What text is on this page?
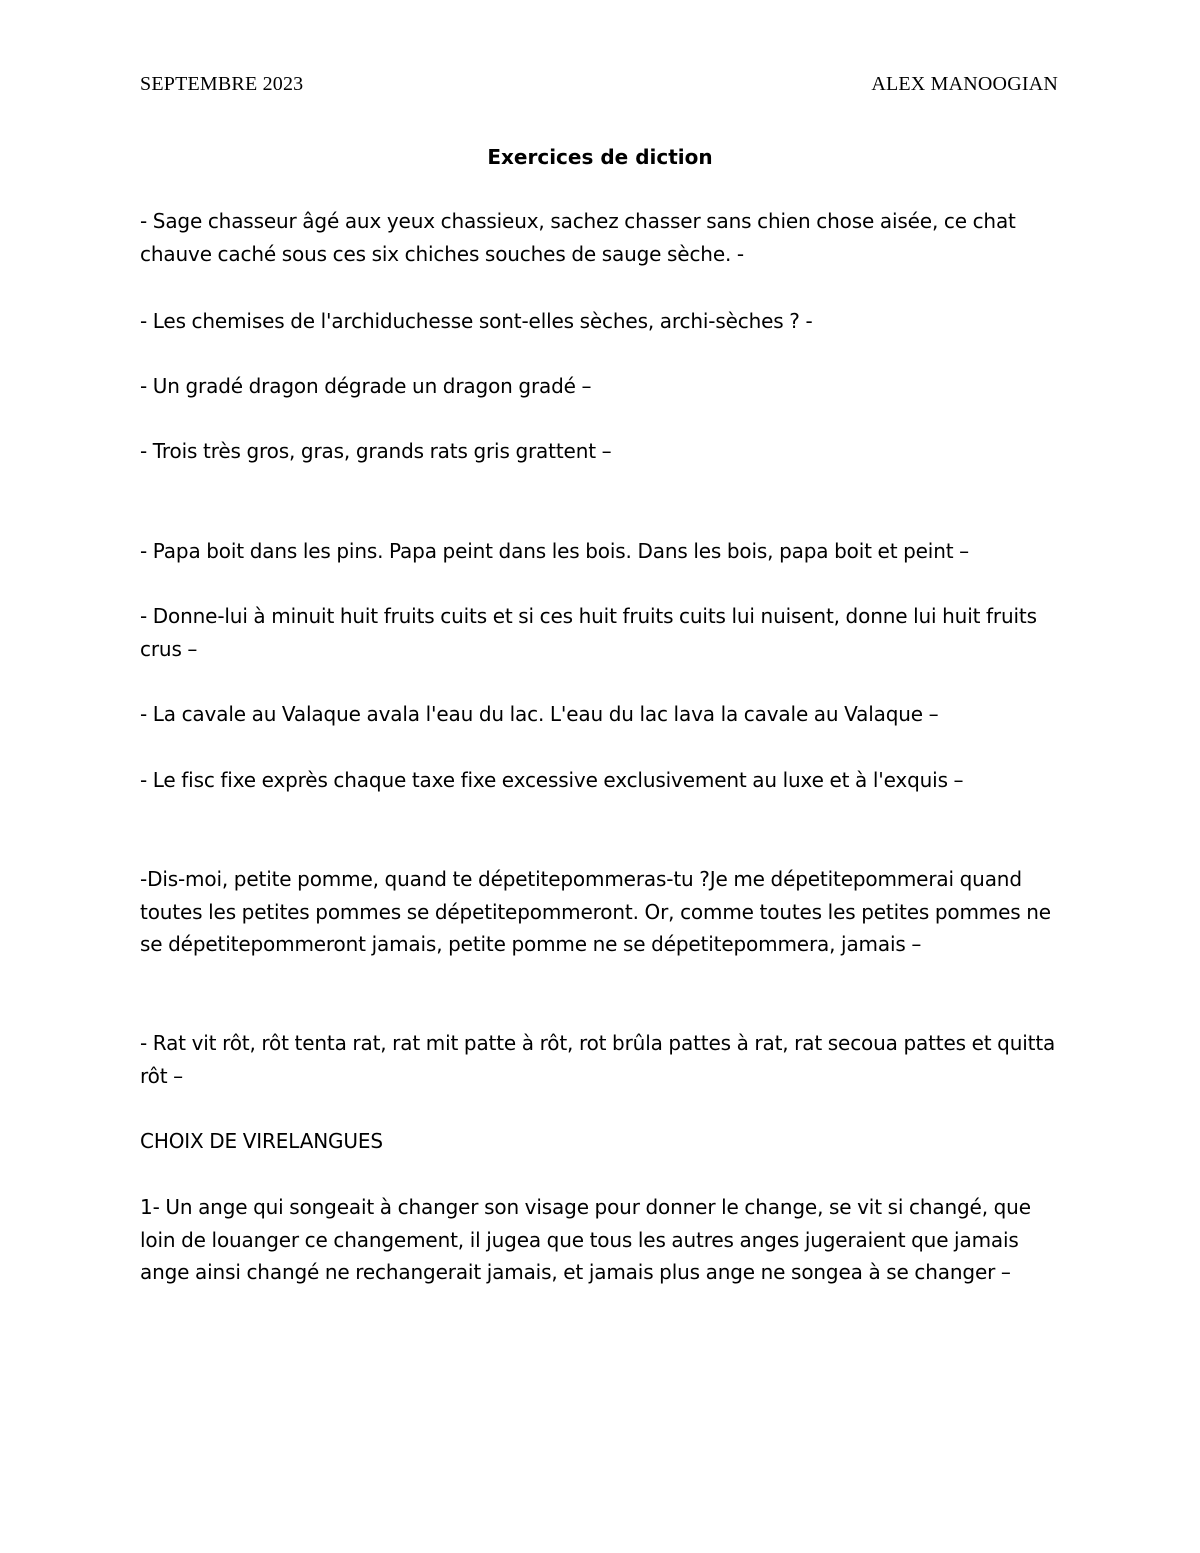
SEPTEMBRE 2023	ALEX MANOOGIAN
Exercices de diction

- Sage chasseur âgé aux yeux chassieux, sachez chasser sans chien chose aisée, ce chat chauve caché sous ces six chiches souches de sauge sèche. -

- Les chemises de l'archiduchesse sont-elles sèches, archi-sèches ? -

- Un gradé dragon dégrade un dragon gradé –

- Trois très gros, gras, grands rats gris grattent –

- Papa boit dans les pins. Papa peint dans les bois. Dans les bois, papa boit et peint –

- Donne-lui à minuit huit fruits cuits et si ces huit fruits cuits lui nuisent, donne lui huit fruits crus –

- La cavale au Valaque avala l'eau du lac. L'eau du lac lava la cavale au Valaque –

- Le fisc fixe exprès chaque taxe fixe excessive exclusivement au luxe et à l'exquis –

-Dis-moi, petite pomme, quand te dépetitepommeras-tu ?Je me dépetitepommerai quand toutes les petites pommes se dépetitepommeront. Or, comme toutes les petites pommes ne se dépetitepommeront jamais, petite pomme ne se dépetitepommera, jamais –

- Rat vit rôt, rôt tenta rat, rat mit patte à rôt, rot brûla pattes à rat, rat secoua pattes et quitta rôt –

CHOIX DE VIRELANGUES

1- Un ange qui songeait à changer son visage pour donner le change, se vit si changé, que loin de louanger ce changement, il jugea que tous les autres anges jugeraient que jamais ange ainsi changé ne rechangerait jamais, et jamais plus ange ne songea à se changer –
